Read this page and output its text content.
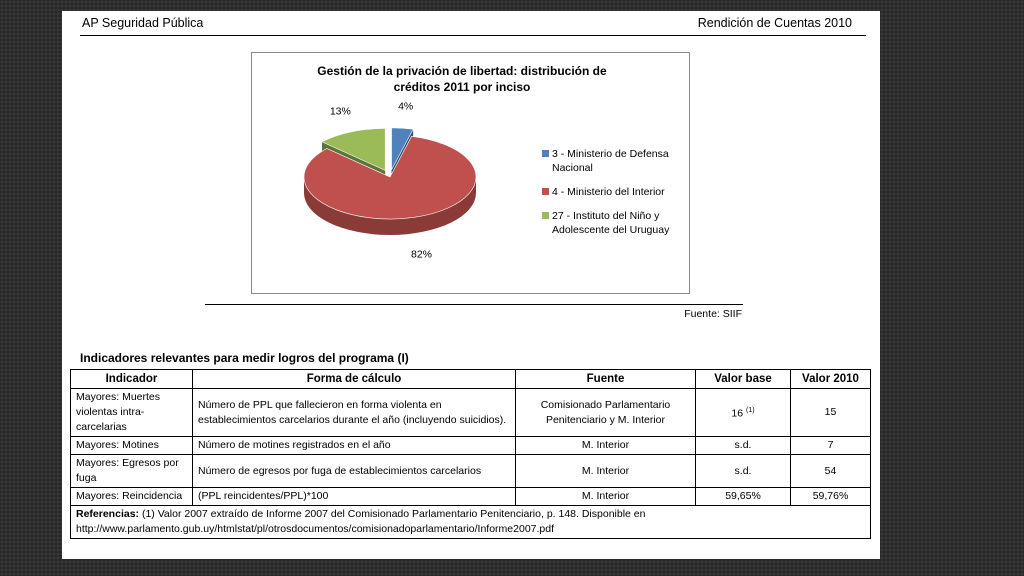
AP Seguridad Pública	Rendición de Cuentas 2010
Gestión de la privación de libertad: distribución de
créditos 2011 por inciso
4%
82%
13%
3 - Ministerio de Defensa
Nacional
4 - Ministerio del Interior
27 - Instituto del Niño y
Adolescente del Uruguay
Fuente: SIIF
Indicadores relevantes para medir logros del programa (I)
Indicador	Forma de cálculo	Fuente	Valor base	Valor 2010
Mayores: Muertes violentas intra-carcelarias	Número de PPL que fallecieron en forma violenta en establecimientos carcelarios durante el año (incluyendo suicidios).	Comisionado Parlamentario Penitenciario y M. Interior	16 $^{(1)}$	15
Mayores: Motines	Número de motines registrados en el año	M. Interior	s.d.	7
Mayores: Egresos por fuga	Número de egresos por fuga de establecimientos carcelarios	M. Interior	s.d.	54
Mayores: Reincidencia	(PPL reincidentes/PPL)*100	M. Interior	59,65%	59,76%
Referencias: (1) Valor 2007 extraído de Informe 2007 del Comisionado Parlamentario Penitenciario, p. 148. Disponible en http://www.parlamento.gub.uy/htmlstat/pl/otrosdocumentos/comisionadoparlamentario/Informe2007.pdf				
